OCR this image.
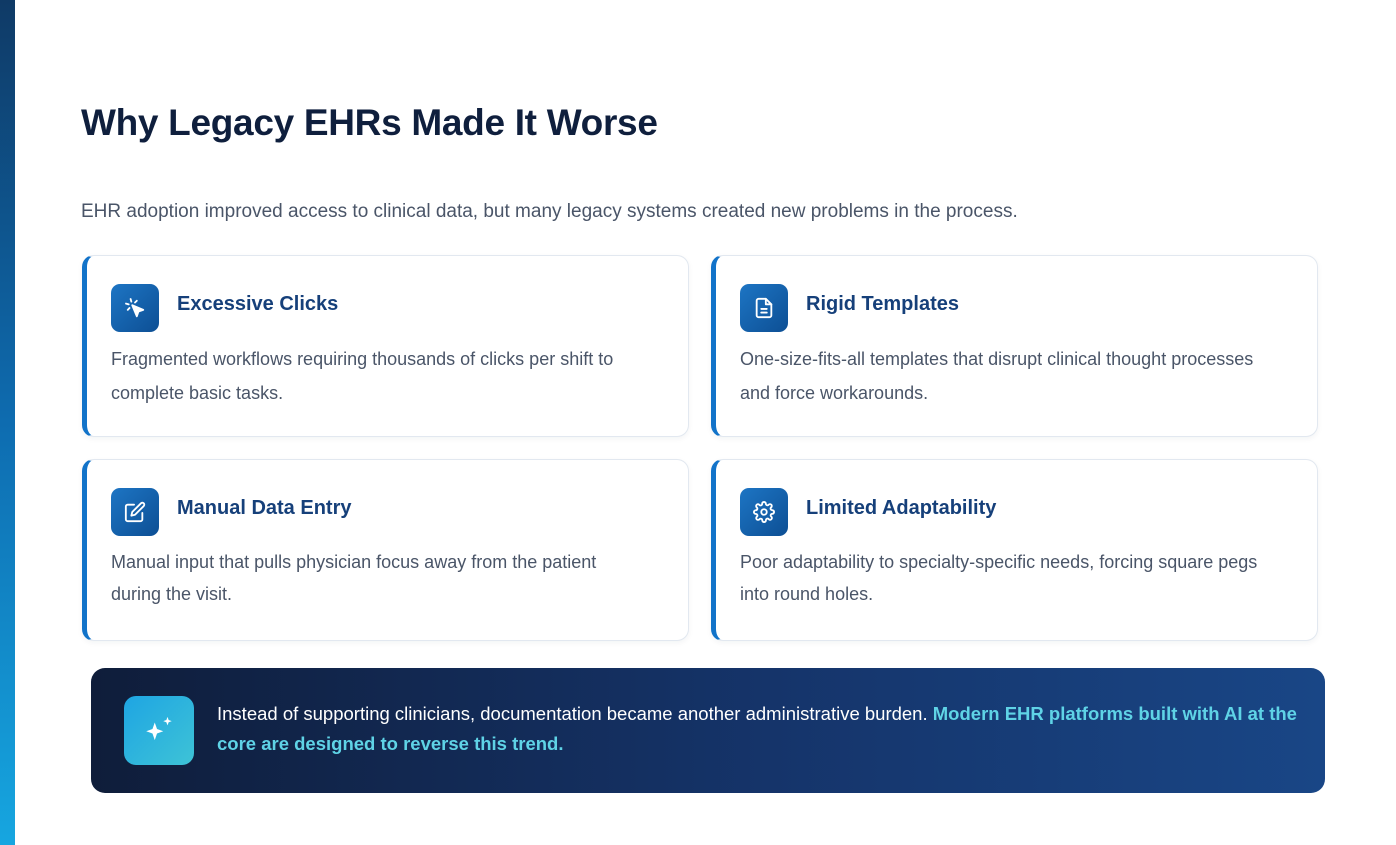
Why Legacy EHRs Made It Worse

EHR adoption improved access to clinical data, but many legacy systems created new problems in the process.

Excessive Clicks
Fragmented workflows requiring thousands of clicks per shift to complete basic tasks.
Rigid Templates
One-size-fits-all templates that disrupt clinical thought processes and force workarounds.
Manual Data Entry
Manual input that pulls physician focus away from the patient during the visit.
Limited Adaptability
Poor adaptability to specialty-specific needs, forcing square pegs into round holes.

Instead of supporting clinicians, documentation became another administrative burden. Modern EHR platforms built with AI at the core are designed to reverse this trend.
